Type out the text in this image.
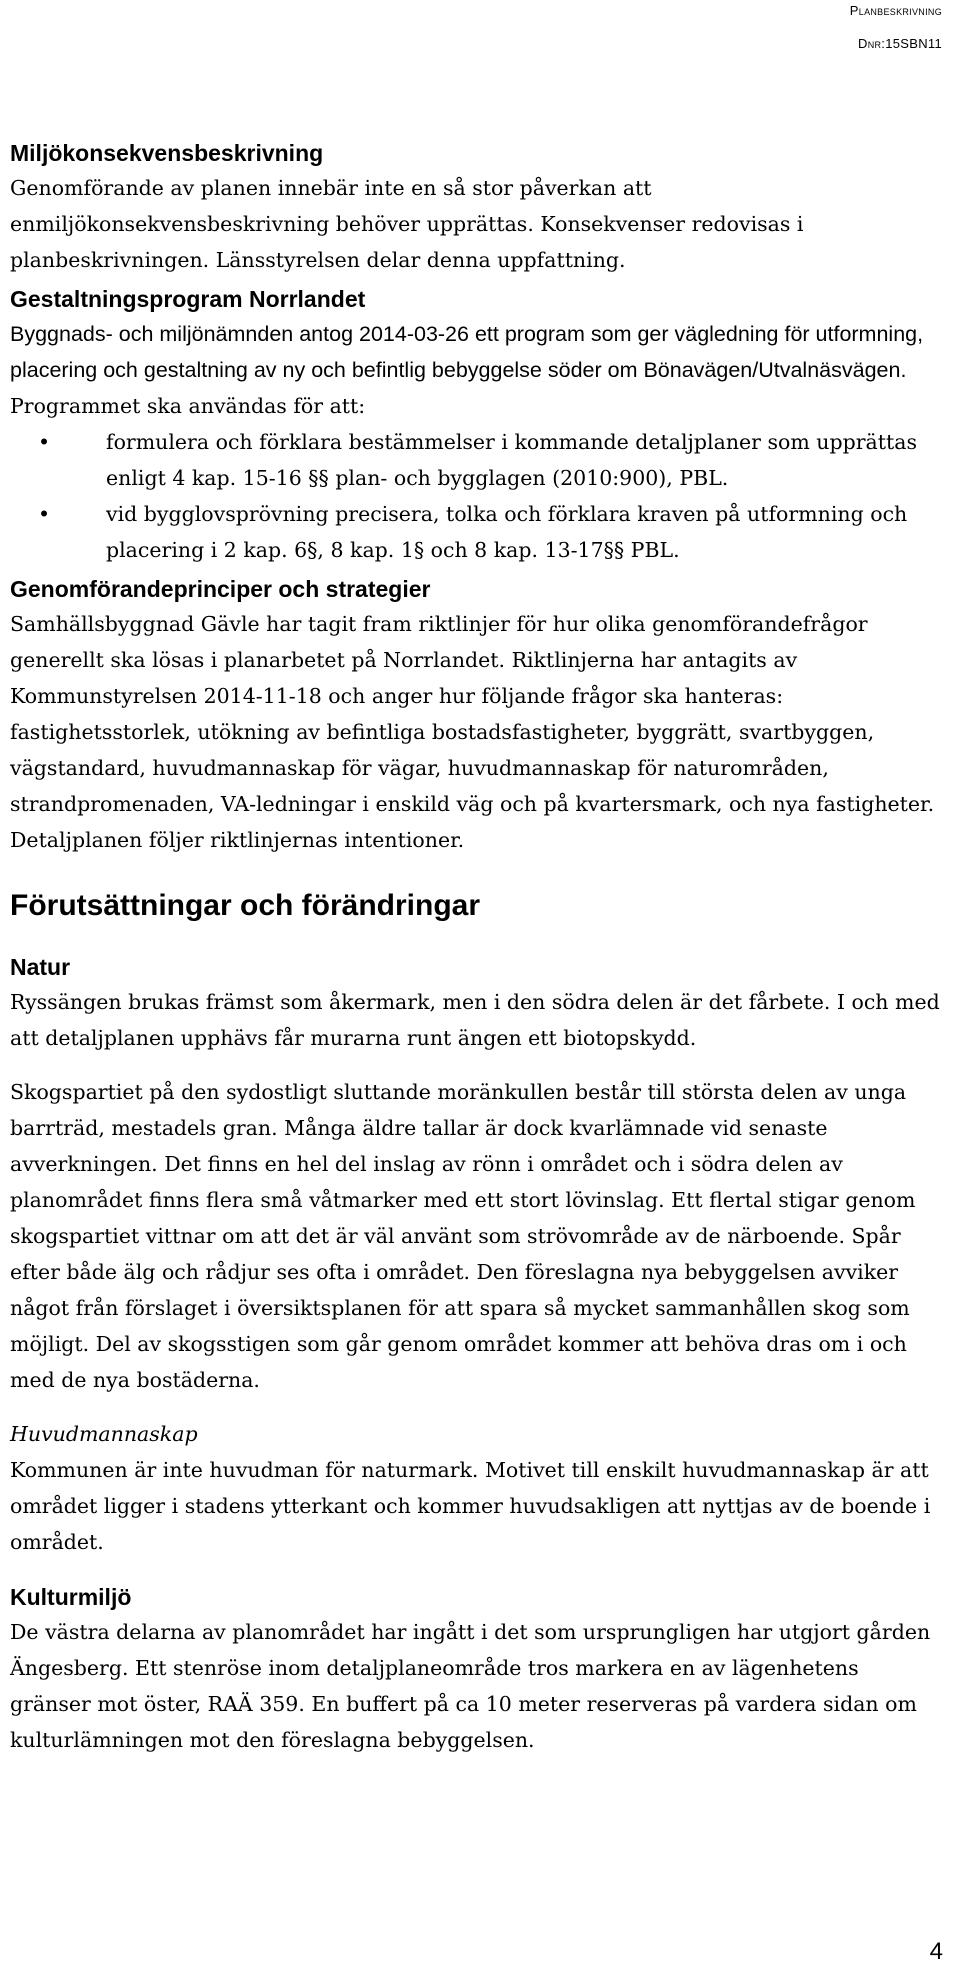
Planbeskrivning
Dnr:15SBN11
Miljökonsekvensbeskrivning

Genomförande av planen innebär inte en så stor påverkan att enmiljökonsekvensbeskrivning behöver upprättas. Konsekvenser redovisas i planbeskrivningen. Länsstyrelsen delar denna uppfattning.

Gestaltningsprogram Norrlandet

Byggnads- och miljönämnden antog 2014-03-26 ett program som ger vägledning för utformning, placering och gestaltning av ny och befintlig bebyggelse söder om Bönavägen/Utvalnäsvägen. Programmet ska användas för att:

•	formulera och förklara bestämmelser i kommande detaljplaner som upprättas enligt 4 kap. 15-16 §§ plan- och bygglagen (2010:900), PBL.
•	vid bygglovsprövning precisera, tolka och förklara kraven på utformning och placering i 2 kap. 6§, 8 kap. 1§ och 8 kap. 13-17§§ PBL.
Genomförandeprinciper och strategier

Samhällsbyggnad Gävle har tagit fram riktlinjer för hur olika genomförandefrågor generellt ska lösas i planarbetet på Norrlandet. Riktlinjerna har antagits av Kommunstyrelsen 2014-11-18 och anger hur följande frågor ska hanteras: fastighetsstorlek, utökning av befintliga bostadsfastigheter, byggrätt, svartbyggen, vägstandard, huvudmannaskap för vägar, huvudmannaskap för naturområden, strandpromenaden, VA-ledningar i enskild väg och på kvartersmark, och nya fastigheter. Detaljplanen följer riktlinjernas intentioner.

Förutsättningar och förändringar
Natur

Ryssängen brukas främst som åkermark, men i den södra delen är det fårbete. I och med att detaljplanen upphävs får murarna runt ängen ett biotopskydd.

Skogspartiet på den sydostligt sluttande moränkullen består till största delen av unga barrträd, mestadels gran. Många äldre tallar är dock kvarlämnade vid senaste avverkningen. Det finns en hel del inslag av rönn i området och i södra delen av planområdet finns flera små våtmarker med ett stort lövinslag. Ett flertal stigar genom skogspartiet vittnar om att det är väl använt som strövområde av de närboende. Spår efter både älg och rådjur ses ofta i området. Den föreslagna nya bebyggelsen avviker något från förslaget i översiktsplanen för att spara så mycket sammanhållen skog som möjligt. Del av skogsstigen som går genom området kommer att behöva dras om i och med de nya bostäderna.

Huvudmannaskap

Kommunen är inte huvudman för naturmark. Motivet till enskilt huvudmannaskap är att området ligger i stadens ytterkant och kommer huvudsakligen att nyttjas av de boende i området.

Kulturmiljö

De västra delarna av planområdet har ingått i det som ursprungligen har utgjort gården Ängesberg. Ett stenröse inom detaljplaneområde tros markera en av lägenhetens gränser mot öster, RAÄ 359. En buffert på ca 10 meter reserveras på vardera sidan om kulturlämningen mot den föreslagna bebyggelsen.

4
